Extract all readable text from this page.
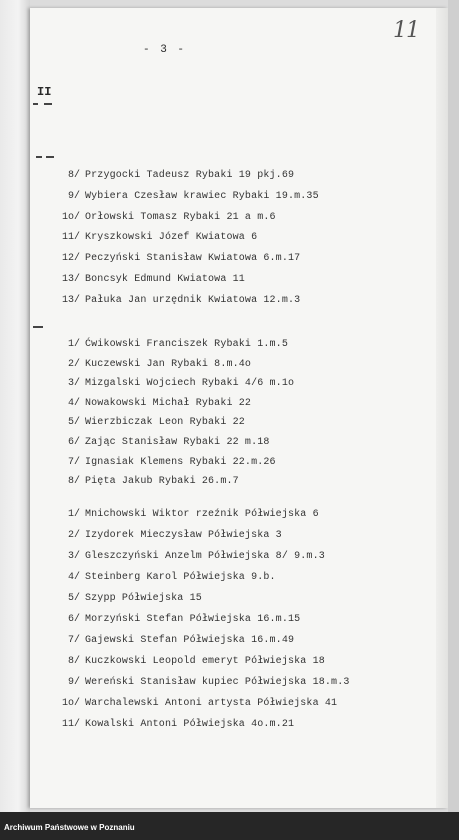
- 3 -
11
II
8/ Przygocki Tadeusz Rybaki 19 pkj.69
9/ Wybiera Czesław krawiec Rybaki 19.m.35
1o/ Orłowski Tomasz Rybaki 21 a m.6
11/ Kryszkowski Józef Kwiatowa 6
12/ Peczyński Stanisław Kwiatowa 6.m.17
13/ Boncsyk Edmund Kwiatowa 11
13/ Pałuka Jan urzędnik Kwiatowa 12.m.3
1/ Ćwikowski Franciszek Rybaki 1.m.5
2/ Kuczewski Jan Rybaki 8.m.4o
3/ Mizgalski Wojciech Rybaki 4/6 m.1o
4/ Nowakowski Michał Rybaki 22
5/ Wierzbiczak Leon Rybaki 22
6/ Zając Stanisław Rybaki 22 m.18
7/ Ignasiak Klemens Rybaki 22.m.26
8/ Pięta Jakub Rybaki 26.m.7
1/ Mnichowski Wiktor rzeźnik Półwiejska 6
2/ Izydorek Mieczysław Półwiejska 3
3/ Gleszczyński Anzelm Półwiejska 8/ 9.m.3
4/ Steinberg Karol Półwiejska 9.b.
5/ Szypp Półwiejska 15
6/ Morzyński Stefan Półwiejska 16.m.15
7/ Gajewski Stefan Półwiejska 16.m.49
8/ Kuczkowski Leopold emeryt Półwiejska 18
9/ Wereński Stanisław kupiec Półwiejska 18.m.3
1o/ Warchalewski Antoni artysta Półwiejska 41
11/ Kowalski Antoni Półwiejska 4o.m.21
Archiwum Państwowe w Poznaniu
